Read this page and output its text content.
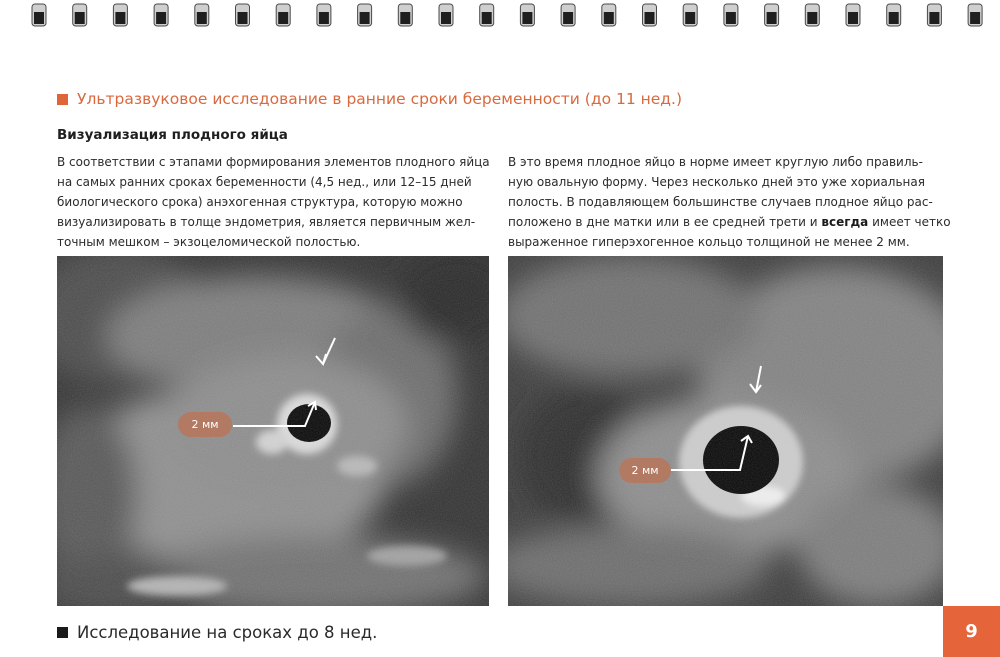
Ультразвуковое исследование в ранние сроки беременности (до 11 нед.)
Визуализация плодного яйца
В соответствии с этапами формирования элементов плодного яйца
на самых ранних сроках беременности (4,5 нед., или 12–15 дней
биологического срока) анэхогенная структура, которую можно
визуализировать в толще эндометрия, является первичным жел-
точным мешком – экзоцеломической полостью.
В это время плодное яйцо в норме имеет круглую либо правиль-
ную овальную форму. Через несколько дней это уже хориальная
полость. В подавляющем большинстве случаев плодное яйцо рас-
положено в дне матки или в ее средней трети и всегда имеет четко
выраженное гиперэхогенное кольцо толщиной не менее 2 мм.
2 мм
2 мм
Исследование на сроках до 8 нед.	9
